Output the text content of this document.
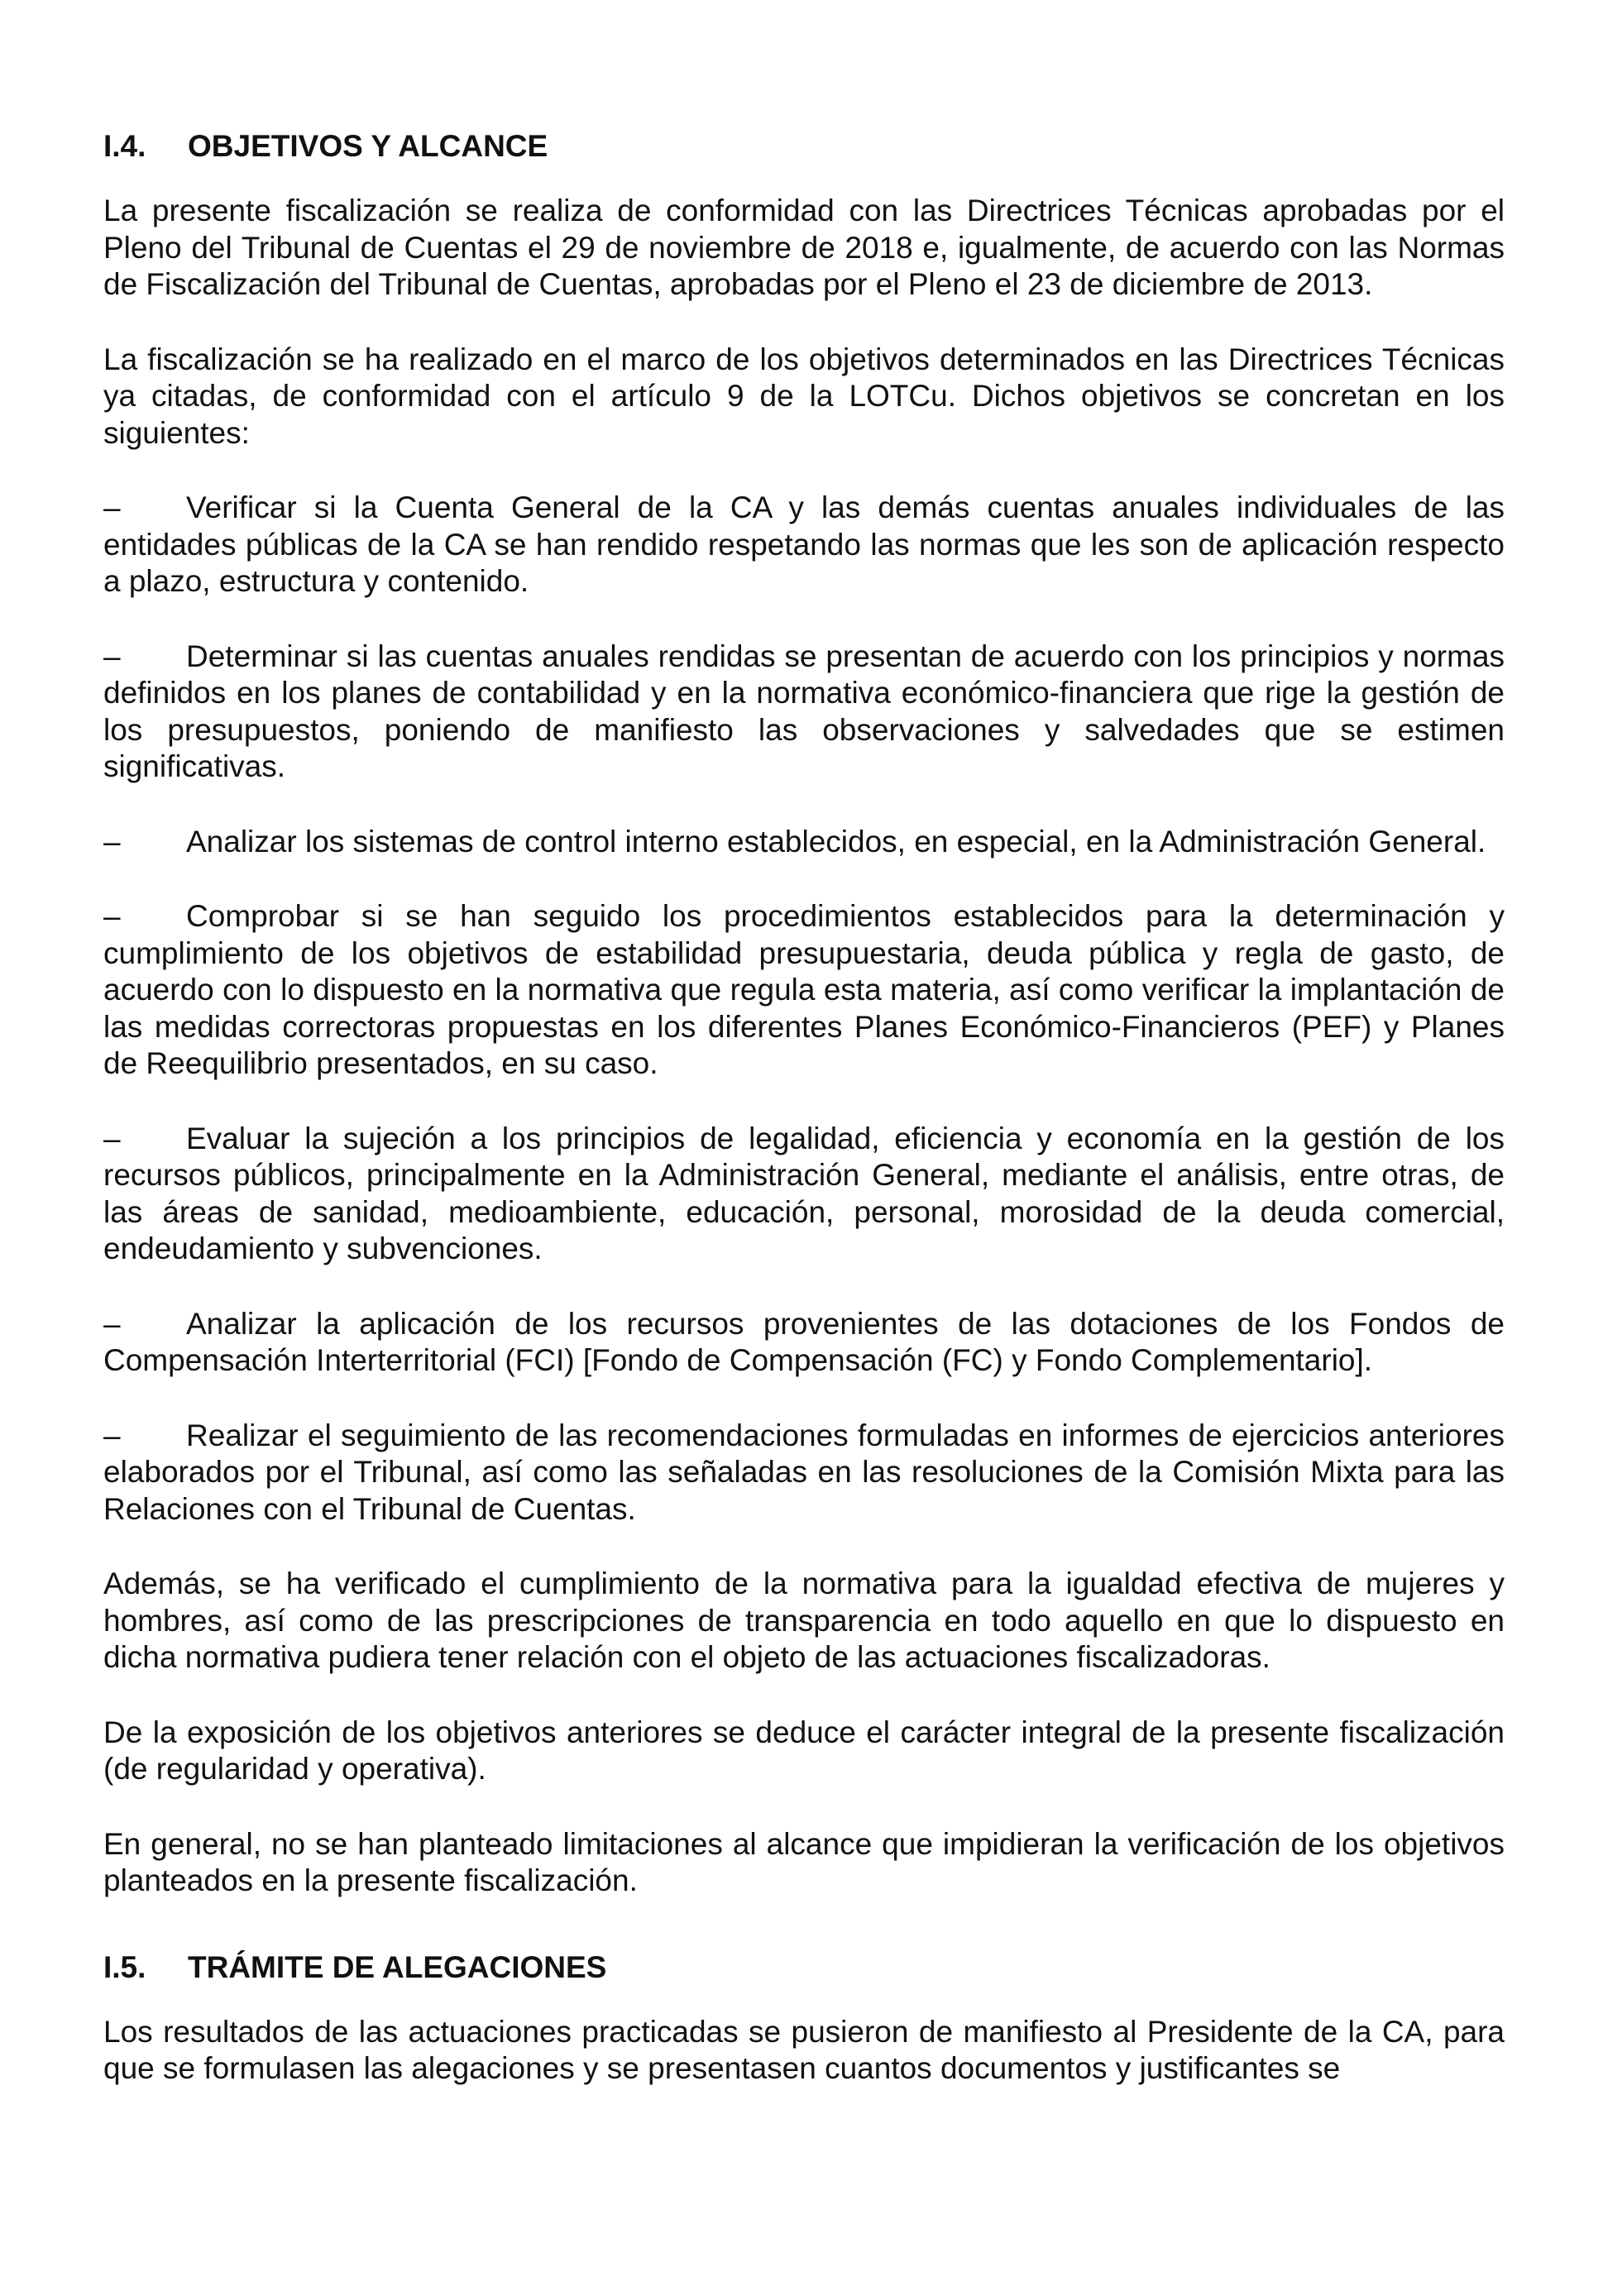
I.4.	OBJETIVOS Y ALCANCE

La presente fiscalización se realiza de conformidad con las Directrices Técnicas aprobadas por el Pleno del Tribunal de Cuentas el 29 de noviembre de 2018 e, igualmente, de acuerdo con las Normas de Fiscalización del Tribunal de Cuentas, aprobadas por el Pleno el 23 de diciembre de 2013.

La fiscalización se ha realizado en el marco de los objetivos determinados en las Directrices Técnicas ya citadas, de conformidad con el artículo 9 de la LOTCu. Dichos objetivos se concretan en los siguientes:

– Verificar si la Cuenta General de la CA y las demás cuentas anuales individuales de las entidades públicas de la CA se han rendido respetando las normas que les son de aplicación respecto a plazo, estructura y contenido.

– Determinar si las cuentas anuales rendidas se presentan de acuerdo con los principios y normas definidos en los planes de contabilidad y en la normativa económico-financiera que rige la gestión de los presupuestos, poniendo de manifiesto las observaciones y salvedades que se estimen significativas.

– Analizar los sistemas de control interno establecidos, en especial, en la Administración General.

– Comprobar si se han seguido los procedimientos establecidos para la determinación y cumplimiento de los objetivos de estabilidad presupuestaria, deuda pública y regla de gasto, de acuerdo con lo dispuesto en la normativa que regula esta materia, así como verificar la implantación de las medidas correctoras propuestas en los diferentes Planes Económico-Financieros (PEF) y Planes de Reequilibrio presentados, en su caso.

– Evaluar la sujeción a los principios de legalidad, eficiencia y economía en la gestión de los recursos públicos, principalmente en la Administración General, mediante el análisis, entre otras, de las áreas de sanidad, medioambiente, educación, personal, morosidad de la deuda comercial, endeudamiento y subvenciones.

– Analizar la aplicación de los recursos provenientes de las dotaciones de los Fondos de Compensación Interterritorial (FCI) [Fondo de Compensación (FC) y Fondo Complementario].

– Realizar el seguimiento de las recomendaciones formuladas en informes de ejercicios anteriores elaborados por el Tribunal, así como las señaladas en las resoluciones de la Comisión Mixta para las Relaciones con el Tribunal de Cuentas.

Además, se ha verificado el cumplimiento de la normativa para la igualdad efectiva de mujeres y hombres, así como de las prescripciones de transparencia en todo aquello en que lo dispuesto en dicha normativa pudiera tener relación con el objeto de las actuaciones fiscalizadoras.

De la exposición de los objetivos anteriores se deduce el carácter integral de la presente fiscalización (de regularidad y operativa).

En general, no se han planteado limitaciones al alcance que impidieran la verificación de los objetivos planteados en la presente fiscalización.

I.5.	TRÁMITE DE ALEGACIONES

Los resultados de las actuaciones practicadas se pusieron de manifiesto al Presidente de la CA, para que se formulasen las alegaciones y se presentasen cuantos documentos y justificantes se
